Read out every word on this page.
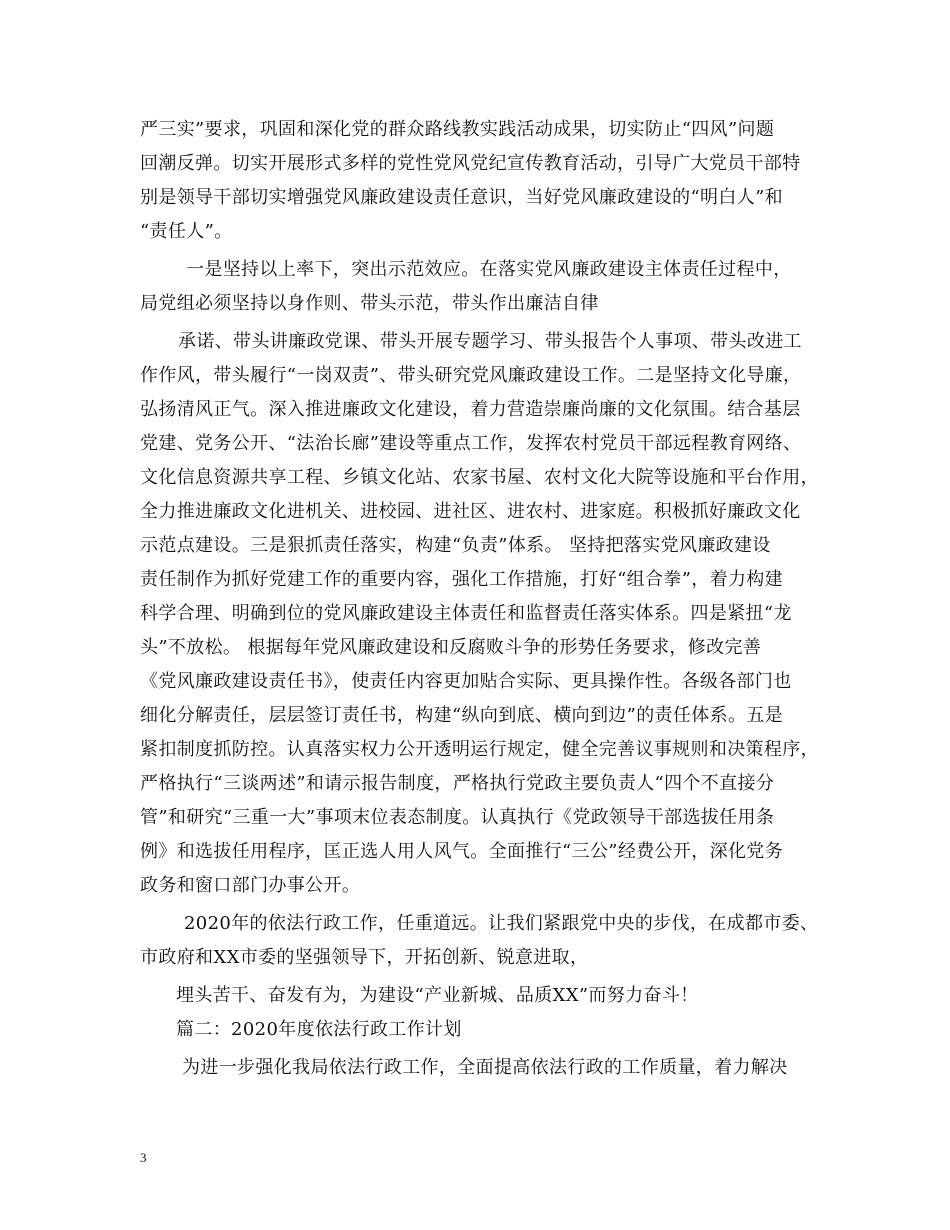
严三实”要求，巩固和深化党的群众路线教实践活动成果，切实防止“四风”问题
回潮反弹。切实开展形式多样的党性党风党纪宣传教育活动，引导广大党员干部特
别是领导干部切实增强党风廉政建设责任意识，当好党风廉政建设的“明白人”和
“责任人”。
一是坚持以上率下，突出示范效应。在落实党风廉政建设主体责任过程中，
局党组必须坚持以身作则、带头示范，带头作出廉洁自律
承诺、带头讲廉政党课、带头开展专题学习、带头报告个人事项、带头改进工
作作风，带头履行“一岗双责”、带头研究党风廉政建设工作。二是坚持文化导廉，
弘扬清风正气。深入推进廉政文化建设，着力营造崇廉尚廉的文化氛围。结合基层
党建、党务公开、“法治长廊”建设等重点工作，发挥农村党员干部远程教育网络、
文化信息资源共享工程、乡镇文化站、农家书屋、农村文化大院等设施和平台作用，
全力推进廉政文化进机关、进校园、进社区、进农村、进家庭。积极抓好廉政文化
示范点建设。三是狠抓责任落实，构建“负责”体系。 坚持把落实党风廉政建设
责任制作为抓好党建工作的重要内容，强化工作措施，打好“组合拳”，着力构建
科学合理、明确到位的党风廉政建设主体责任和监督责任落实体系。四是紧扭“龙
头”不放松。 根据每年党风廉政建设和反腐败斗争的形势任务要求，修改完善
《党风廉政建设责任书》，使责任内容更加贴合实际、更具操作性。各级各部门也
细化分解责任，层层签订责任书，构建“纵向到底、横向到边”的责任体系。五是
紧扣制度抓防控。认真落实权力公开透明运行规定，健全完善议事规则和决策程序，
严格执行“三谈两述”和请示报告制度，严格执行党政主要负责人“四个不直接分
管”和研究“三重一大”事项末位表态制度。认真执行《党政领导干部选拔任用条
例》和选拔任用程序，匡正选人用人风气。全面推行“三公”经费公开，深化党务
政务和窗口部门办事公开。
2020年的依法行政工作，任重道远。让我们紧跟党中央的步伐，在成都市委、
市政府和XX市委的坚强领导下，开拓创新、锐意进取，
埋头苦干、奋发有为，为建设“产业新城、品质XX”而努力奋斗！
篇二：2020年度依法行政工作计划
为进一步强化我局依法行政工作，全面提高依法行政的工作质量，着力解决
3
